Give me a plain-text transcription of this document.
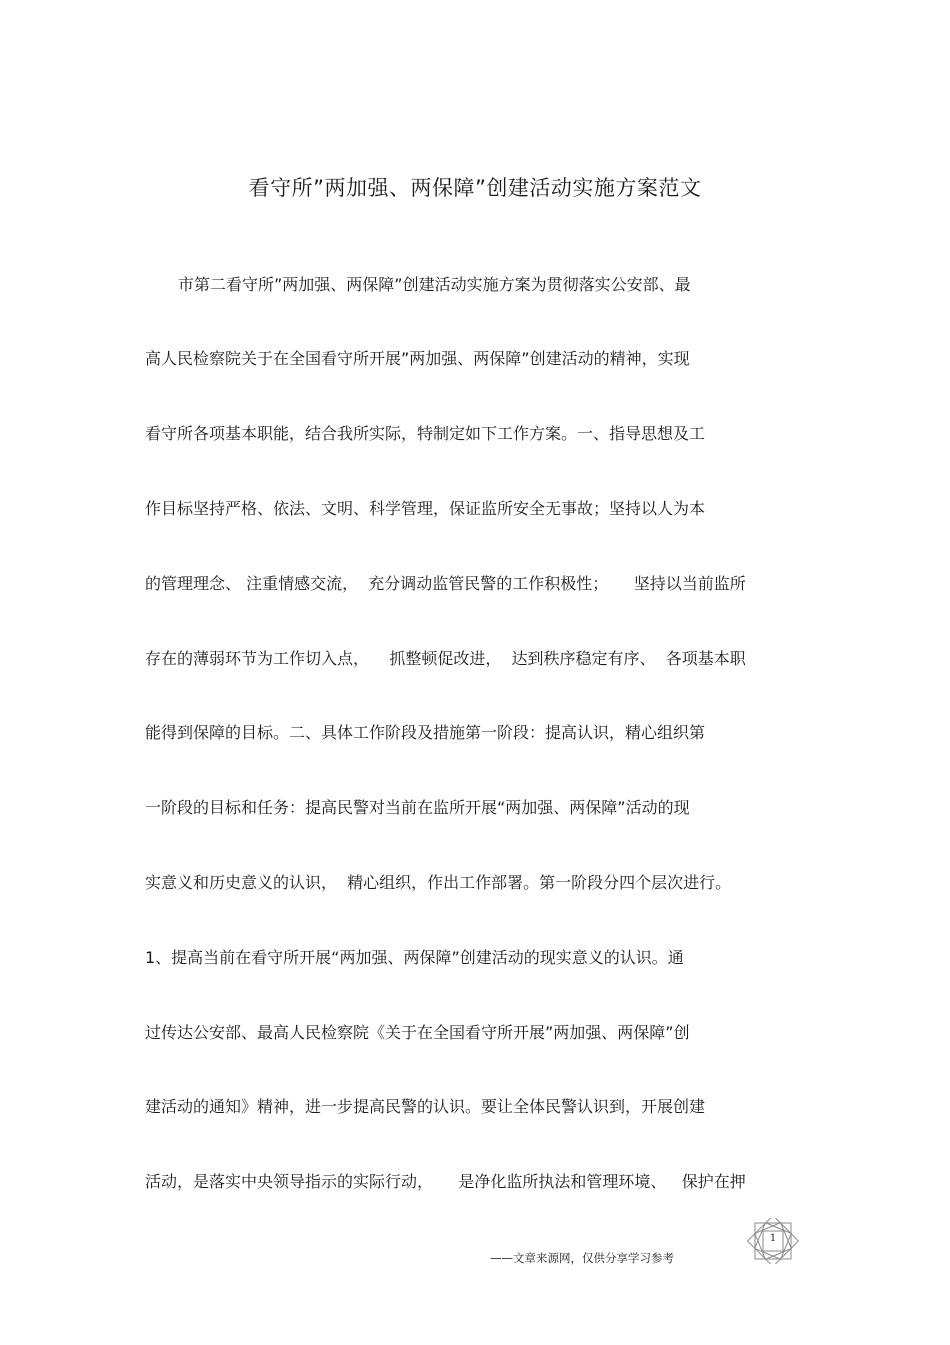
看守所”两加强、两保障”创建活动实施方案范文
市第二看守所”两加强、两保障”创建活动实施方案为贯彻落实公安部、最
高人民检察院关于在全国看守所开展”两加强、两保障”创建活动的精神，实现
看守所各项基本职能，结合我所实际，特制定如下工作方案。一、指导思想及工
作目标坚持严格、依法、文明、科学管理，保证监所安全无事故；坚持以人为本
的管理理念、 注重情感交流，  充分调动监管民警的工作积极性；     坚持以当前监所
存在的薄弱环节为工作切入点，    抓整顿促改进，  达到秩序稳定有序、  各项基本职
能得到保障的目标。二、具体工作阶段及措施第一阶段：提高认识，精心组织第
一阶段的目标和任务：提高民警对当前在监所开展“两加强、两保障”活动的现
实意义和历史意义的认识，  精心组织，作出工作部署。第一阶段分四个层次进行。
1、提高当前在看守所开展“两加强、两保障”创建活动的现实意义的认识。通
过传达公安部、最高人民检察院《关于在全国看守所开展”两加强、两保障”创
建活动的通知》精神，进一步提高民警的认识。要让全体民警认识到，开展创建
活动，是落实中央领导指示的实际行动，     是净化监所执法和管理环境、   保护在押
1
——文章来源网，仅供分享学习参考
